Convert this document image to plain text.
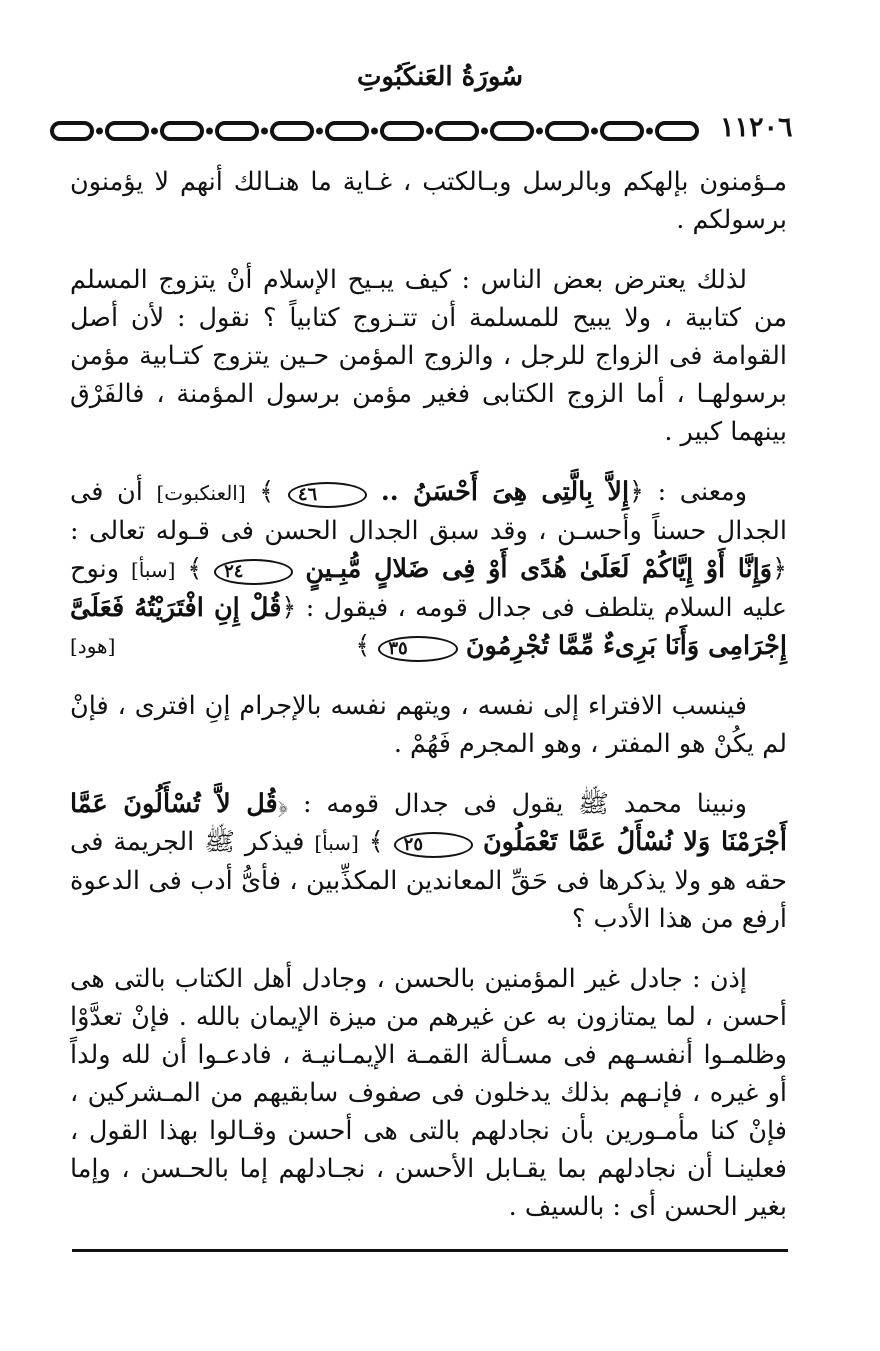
سُورَةُ العَنكَبُوتِ
١١٢٠٦

مـؤمنون بإلهكم وبالرسل وبـالكتب ، غـاية ما هنـالك أنهم لا يؤمنون برسولكم .

لذلك يعترض بعض الناس : كيف يبـيح الإسلام أنْ يتزوج المسلم من كتابية ، ولا يبيح للمسلمة أن تتـزوج كتابياً ؟ نقول : لأن أصل القوامة فى الزواج للرجل ، والزوج المؤمن حـين يتزوج كتـابية مؤمن برسولهـا ، أما الزوج الكتابى فغير مؤمن برسول المؤمنة ، فالفَرْق بينهما كبير .

ومعنى : ﴿إِلاَّ بِالَّتِى هِىَ أَحْسَنُ .. ٤٦ ﴾ [العنكبوت] أن فى الجدال حسناً وأحسـن ، وقد سبق الجدال الحسن فى قـوله تعالى : ﴿وَإِنَّا أَوْ إِيَّاكُمْ لَعَلَىٰ هُدًى أَوْ فِى ضَلالٍ مُّبِـينٍ ٢٤ ﴾ [سبأ] ونوح عليه السلام يتلطف فى جدال قومه ، فيقول : ﴿قُلْ إِنِ افْتَرَيْتُهُ فَعَلَىَّ إِجْرَامِى وَأَنَا بَرِىءٌ مِّمَّا تُجْرِمُونَ ٣٥ ﴾
[هود]

فينسب الافتراء إلى نفسه ، ويتهم نفسه بالإجرام إنِ افترى ، فإنْ لم يكُنْ هو المفتر ، وهو المجرم فَهُمْ .

ونبينا محمد ﷺ يقول فى جدال قومه : ﴿قُل لاَّ تُسْأَلُونَ عَمَّا أَجْرَمْنَا وَلا نُسْأَلُ عَمَّا تَعْمَلُونَ ٢٥ ﴾ [سبأ] فيذكر ﷺ الجريمة فى حقه هو ولا يذكرها فى حَقِّ المعاندين المكذِّبين ، فأىُّ أدب فى الدعوة أرفع من هذا الأدب ؟

إذن : جادل غير المؤمنين بالحسن ، وجادل أهل الكتاب بالتى هى أحسن ، لما يمتازون به عن غيرهم من ميزة الإيمان بالله . فإنْ تعدَّوْا وظلمـوا أنفسـهم فى مسـألة القمـة الإيمـانيـة ، فادعـوا أن لله ولداً أو غيره ، فإنـهم بذلك يدخلون فى صفوف سابقيهم من المـشركين ، فإنْ كنا مأمـورين بأن نجادلهم بالتى هى أحسن وقـالوا بهذا القول ، فعلينـا أن نجادلهم بما يقـابل الأحسن ، نجـادلهم إما بالحـسن ، وإما بغير الحسن أى : بالسيف .
